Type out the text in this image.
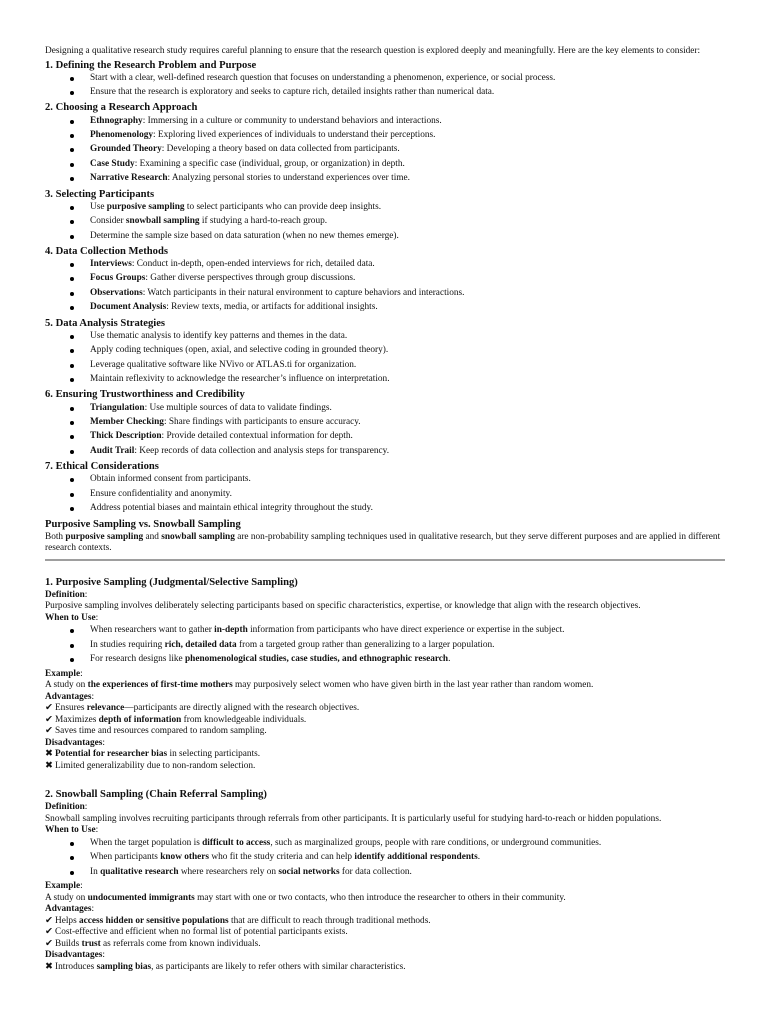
Designing a qualitative research study requires careful planning to ensure that the research question is explored deeply and meaningfully. Here are the key elements to consider:

1. Defining the Research Problem and Purpose
Start with a clear, well-defined research question that focuses on understanding a phenomenon, experience, or social process.
Ensure that the research is exploratory and seeks to capture rich, detailed insights rather than numerical data.
2. Choosing a Research Approach
Ethnography: Immersing in a culture or community to understand behaviors and interactions.
Phenomenology: Exploring lived experiences of individuals to understand their perceptions.
Grounded Theory: Developing a theory based on data collected from participants.
Case Study: Examining a specific case (individual, group, or organization) in depth.
Narrative Research: Analyzing personal stories to understand experiences over time.
3. Selecting Participants
Use purposive sampling to select participants who can provide deep insights.
Consider snowball sampling if studying a hard-to-reach group.
Determine the sample size based on data saturation (when no new themes emerge).
4. Data Collection Methods
Interviews: Conduct in-depth, open-ended interviews for rich, detailed data.
Focus Groups: Gather diverse perspectives through group discussions.
Observations: Watch participants in their natural environment to capture behaviors and interactions.
Document Analysis: Review texts, media, or artifacts for additional insights.
5. Data Analysis Strategies
Use thematic analysis to identify key patterns and themes in the data.
Apply coding techniques (open, axial, and selective coding in grounded theory).
Leverage qualitative software like NVivo or ATLAS.ti for organization.
Maintain reflexivity to acknowledge the researcher’s influence on interpretation.
6. Ensuring Trustworthiness and Credibility
Triangulation: Use multiple sources of data to validate findings.
Member Checking: Share findings with participants to ensure accuracy.
Thick Description: Provide detailed contextual information for depth.
Audit Trail: Keep records of data collection and analysis steps for transparency.
7. Ethical Considerations
Obtain informed consent from participants.
Ensure confidentiality and anonymity.
Address potential biases and maintain ethical integrity throughout the study.
Purposive Sampling vs. Snowball Sampling

Both purposive sampling and snowball sampling are non-probability sampling techniques used in qualitative research, but they serve different purposes and are applied in different research contexts.

1. Purposive Sampling (Judgmental/Selective Sampling)

Definition:

Purposive sampling involves deliberately selecting participants based on specific characteristics, expertise, or knowledge that align with the research objectives.

When to Use:

When researchers want to gather in-depth information from participants who have direct experience or expertise in the subject.
In studies requiring rich, detailed data from a targeted group rather than generalizing to a larger population.
For research designs like phenomenological studies, case studies, and ethnographic research.

Example:

A study on the experiences of first-time mothers may purposively select women who have given birth in the last year rather than random women.

Advantages:

✔ Ensures relevance—participants are directly aligned with the research objectives.

✔ Maximizes depth of information from knowledgeable individuals.

✔ Saves time and resources compared to random sampling.

Disadvantages:

✖ Potential for researcher bias in selecting participants.

✖ Limited generalizability due to non-random selection.

2. Snowball Sampling (Chain Referral Sampling)

Definition:

Snowball sampling involves recruiting participants through referrals from other participants. It is particularly useful for studying hard-to-reach or hidden populations.

When to Use:

When the target population is difficult to access, such as marginalized groups, people with rare conditions, or underground communities.
When participants know others who fit the study criteria and can help identify additional respondents.
In qualitative research where researchers rely on social networks for data collection.

Example:

A study on undocumented immigrants may start with one or two contacts, who then introduce the researcher to others in their community.

Advantages:

✔ Helps access hidden or sensitive populations that are difficult to reach through traditional methods.

✔ Cost-effective and efficient when no formal list of potential participants exists.

✔ Builds trust as referrals come from known individuals.

Disadvantages:

✖ Introduces sampling bias, as participants are likely to refer others with similar characteristics.
